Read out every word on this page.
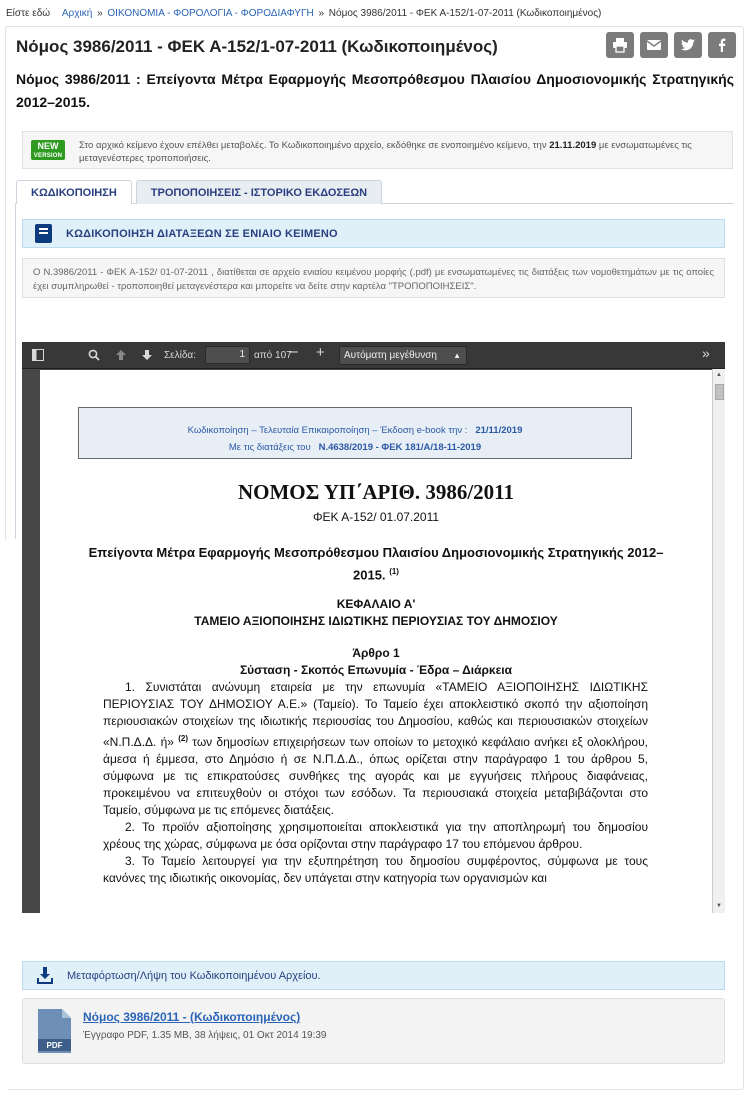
Είστε εδώ Αρχική » ΟΙΚΟΝΟΜΙΑ - ΦΟΡΟΛΟΓΙΑ - ΦΟΡΟΔΙΑΦΥΓΗ » Νόμος 3986/2011 - ΦΕΚ Α-152/1-07-2011 (Κωδικοποιημένος)
Νόμος 3986/2011 - ΦΕΚ Α-152/1-07-2011 (Κωδικοποιημένος)
Νόμος 3986/2011 : Επείγοντα Μέτρα Εφαρμογής Μεσοπρόθεσμου Πλαισίου Δημοσιονομικής Στρατηγικής 2012–2015.
NEW
VERSION
Στο αρχικό κείμενο έχουν επέλθει μεταβολές. Το Κωδικοποιημένο αρχείο, εκδόθηκε σε ενοποιημένο κείμενο, την 21.11.2019 με ενσωματωμένες τις μεταγενέστερες τροποποιήσεις.
ΚΩΔΙΚΟΠΟΙΗΣΗ	ΤΡΟΠΟΠΟΙΗΣΕΙΣ - ΙΣΤΟΡΙΚΟ ΕΚΔΟΣΕΩΝ
ΚΩΔΙΚΟΠΟΙΗΣΗ ΔΙΑΤΑΞΕΩΝ ΣΕ ΕΝΙΑΙΟ ΚΕΙΜΕΝΟ
Ο Ν.3986/2011 - ΦΕΚ Α-152/ 01-07-2011 , διατίθεται σε αρχείο ενιαίου κειμένου μορφής (.pdf) με ενσωματωμένες τις διατάξεις των νομοθετημάτων με τις οποίες έχει συμπληρωθεί - τροποποιηθεί μεταγενέστερα και μπορείτε να δείτε στην καρτέλα "ΤΡΟΠΟΠΟΙΗΣΕΙΣ".
Σελίδα:	1 από 107
– +	Αυτόματη μεγέθυνση ▲	»
Κωδικοποίηση – Τελευταία Επικαιροποίηση – Έκδοση e-book την : 21/11/2019
Με τις διατάξεις του Ν.4638/2019 - ΦΕΚ 181/Α/18-11-2019
ΝΟΜΟΣ ΥΠ΄ΑΡΙΘ. 3986/2011
ΦΕΚ Α-152/ 01.07.2011
Επείγοντα Μέτρα Εφαρμογής Μεσοπρόθεσμου Πλαισίου Δημοσιονομικής Στρατηγικής 2012–2015. $^{(1)}$
ΚΕΦΑΛΑΙΟ Α'
ΤΑΜΕΙΟ ΑΞΙΟΠΟΙΗΣΗΣ ΙΔΙΩΤΙΚΗΣ ΠΕΡΙΟΥΣΙΑΣ ΤΟΥ ΔΗΜΟΣΙΟΥ
Άρθρο 1
Σύσταση - Σκοπός Επωνυμία - Έδρα – Διάρκεια

1. Συνιστάται ανώνυμη εταιρεία με την επωνυμία «ΤΑΜΕΙΟ ΑΞΙΟΠΟΙΗΣΗΣ ΙΔΙΩΤΙΚΗΣ ΠΕΡΙΟΥΣΙΑΣ ΤΟΥ ΔΗΜΟΣΙΟΥ Α.Ε.» (Ταμείο). Το Ταμείο έχει αποκλειστικό σκοπό την αξιοποίηση περιουσιακών στοιχείων της ιδιωτικής περιουσίας του Δημοσίου, καθώς και περιουσιακών στοιχείων «Ν.Π.Δ.Δ. ή» $^{(2)}$ των δημοσίων επιχειρήσεων των οποίων το μετοχικό κεφάλαιο ανήκει εξ ολοκλήρου, άμεσα ή έμμεσα, στο Δημόσιο ή σε Ν.Π.Δ.Δ., όπως ορίζεται στην παράγραφο 1 του άρθρου 5, σύμφωνα με τις επικρατούσες συνθήκες της αγοράς και με εγγυήσεις πλήρους διαφάνειας, προκειμένου να επιτευχθούν οι στόχοι των εσόδων. Τα περιουσιακά στοιχεία μεταβιβάζονται στο Ταμείο, σύμφωνα με τις επόμενες διατάξεις.

2. Το προϊόν αξιοποίησης χρησιμοποιείται αποκλειστικά για την αποπληρωμή του δημοσίου χρέους της χώρας, σύμφωνα με όσα ορίζονται στην παράγραφο 17 του επόμενου άρθρου.

3. Το Ταμείο λειτουργεί για την εξυπηρέτηση του δημοσίου συμφέροντος, σύμφωνα με τους κανόνες της ιδιωτικής οικονομίας, δεν υπάγεται στην κατηγορία των οργανισμών και

▲
▼
Μεταφόρτωση/Λήψη του Κωδικοποιημένου Αρχείου.
PDF
Νόμος 3986/2011 - (Κωδικοποιημένος)
Έγγραφο PDF, 1.35 MB, 38 λήψεις, 01 Οκτ 2014 19:39
